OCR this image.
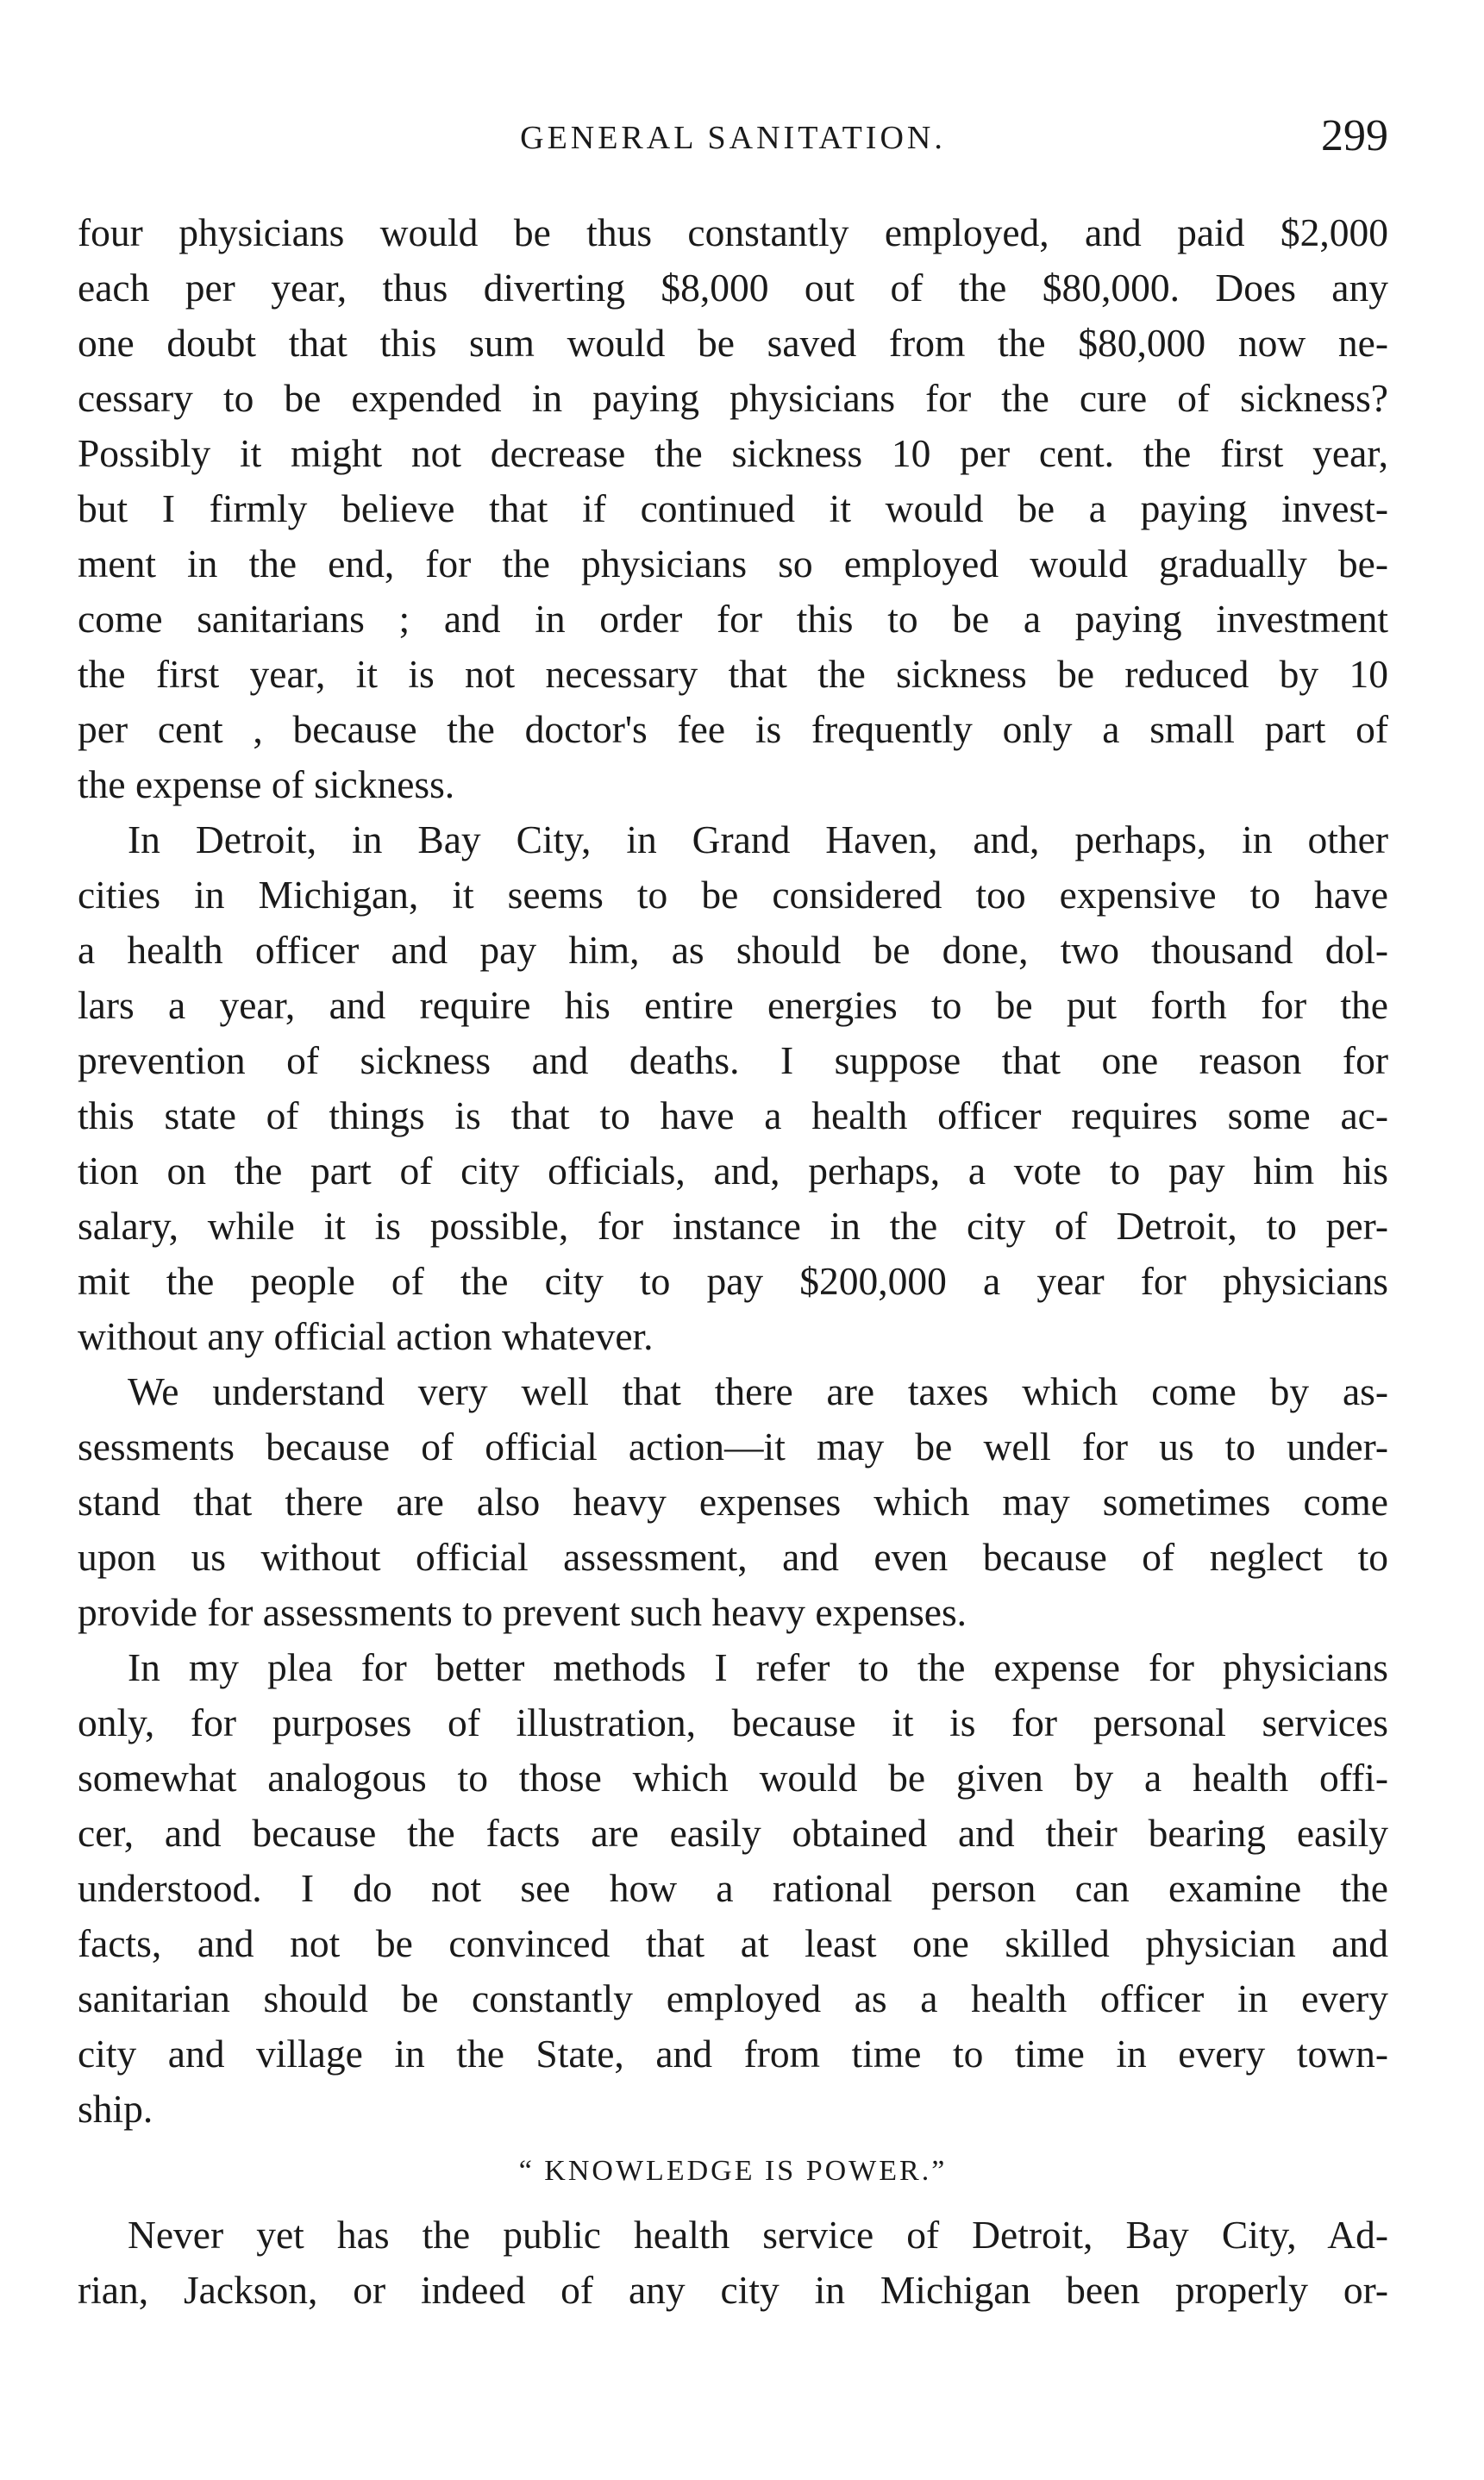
GENERAL SANITATION.	299
four physicians would be thus constantly employed, and paid $2,000
each per year, thus diverting $8,000 out of the $80,000. Does any
one doubt that this sum would be saved from the $80,000 now ne-
cessary to be expended in paying physicians for the cure of sickness?
Possibly it might not decrease the sickness 10 per cent. the first year,
but I firmly believe that if continued it would be a paying invest-
ment in the end, for the physicians so employed would gradually be-
come sanitarians ; and in order for this to be a paying investment
the first year, it is not necessary that the sickness be reduced by 10
per cent , because the doctor's fee is frequently only a small part of
the expense of sickness.
In Detroit, in Bay City, in Grand Haven, and, perhaps, in other
cities in Michigan, it seems to be considered too expensive to have
a health officer and pay him, as should be done, two thousand dol-
lars a year, and require his entire energies to be put forth for the
prevention of sickness and deaths. I suppose that one reason for
this state of things is that to have a health officer requires some ac-
tion on the part of city officials, and, perhaps, a vote to pay him his
salary, while it is possible, for instance in the city of Detroit, to per-
mit the people of the city to pay $200,000 a year for physicians
without any official action whatever.
We understand very well that there are taxes which come by as-
sessments because of official action—it may be well for us to under-
stand that there are also heavy expenses which may sometimes come
upon us without official assessment, and even because of neglect to
provide for assessments to prevent such heavy expenses.
In my plea for better methods I refer to the expense for physicians
only, for purposes of illustration, because it is for personal services
somewhat analogous to those which would be given by a health offi-
cer, and because the facts are easily obtained and their bearing easily
understood. I do not see how a rational person can examine the
facts, and not be convinced that at least one skilled physician and
sanitarian should be constantly employed as a health officer in every
city and village in the State, and from time to time in every town-
ship.
“ KNOWLEDGE IS POWER.”
Never yet has the public health service of Detroit, Bay City, Ad-
rian, Jackson, or indeed of any city in Michigan been properly or-
